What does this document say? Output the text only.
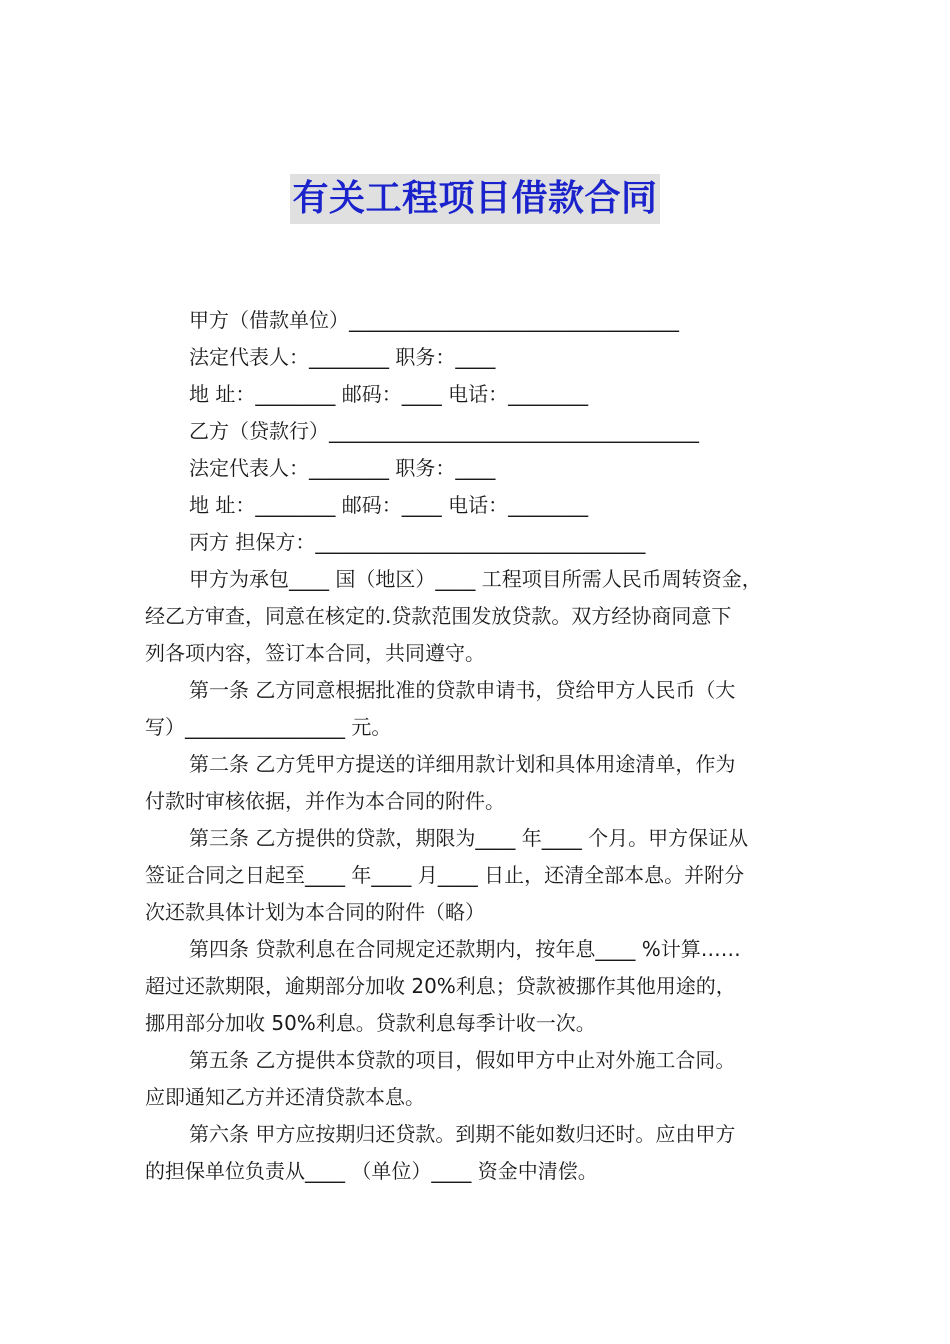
有关工程项目借款合同

甲方（借款单位）_________________________________

法定代表人：________ 职务：____

地 址：________ 邮码：____ 电话：________

乙方（贷款行）_____________________________________

法定代表人：________ 职务：____

地 址：________ 邮码：____ 电话：________

丙方 担保方：_________________________________

甲方为承包____ 国（地区）____ 工程项目所需人民币周转资金，
经乙方审查，同意在核定的.贷款范围发放贷款。双方经协商同意下
列各项内容，签订本合同，共同遵守。
第一条 乙方同意根据批准的贷款申请书，贷给甲方人民币（大
写）________________ 元。
第二条 乙方凭甲方提送的详细用款计划和具体用途清单，作为
付款时审核依据，并作为本合同的附件。
第三条 乙方提供的贷款，期限为____ 年____ 个月。甲方保证从
签证合同之日起至____ 年____ 月____ 日止，还清全部本息。并附分
次还款具体计划为本合同的附件（略）
第四条 贷款利息在合同规定还款期内，按年息____ %计算……
超过还款期限，逾期部分加收 20%利息；贷款被挪作其他用途的，
挪用部分加收 50%利息。贷款利息每季计收一次。
第五条 乙方提供本贷款的项目，假如甲方中止对外施工合同。
应即通知乙方并还清贷款本息。
第六条 甲方应按期归还贷款。到期不能如数归还时。应由甲方
的担保单位负责从____ （单位）____ 资金中清偿。
